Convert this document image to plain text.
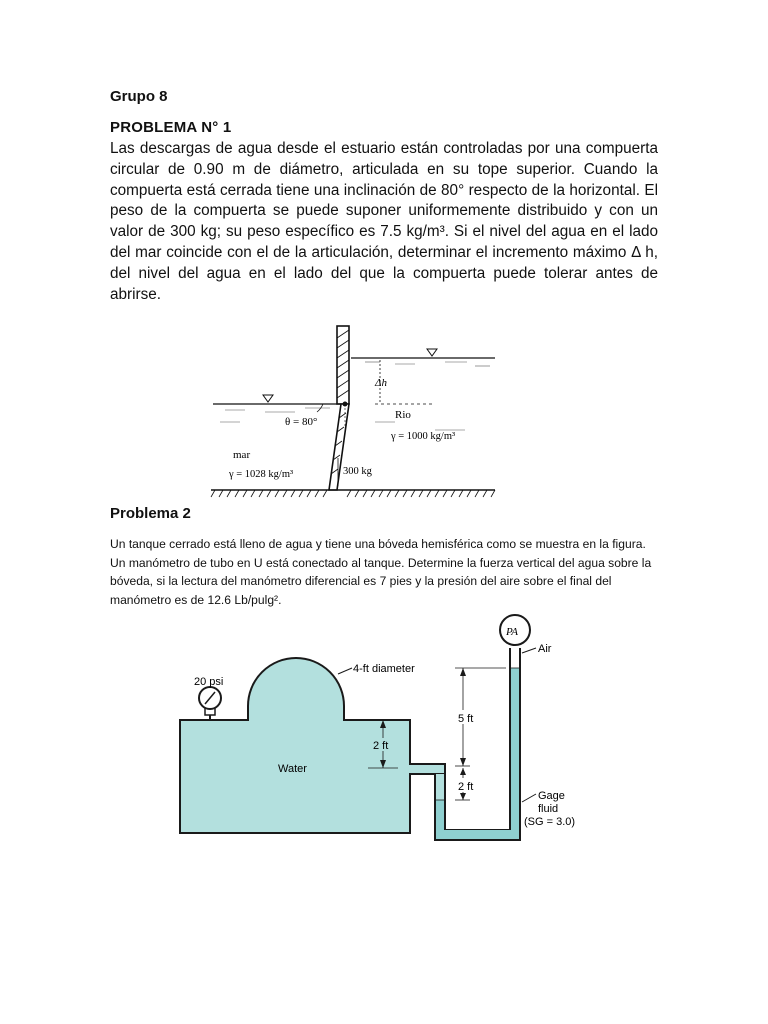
Grupo 8
PROBLEMA N° 1
Las descargas de agua desde el estuario están controladas por una compuerta circular de 0.90 m de diámetro, articulada en su tope superior. Cuando la compuerta está cerrada tiene una inclinación de 80° respecto de la horizontal. El peso de la compuerta se puede suponer uniformemente distribuido y con un valor de 300 kg; su peso específico es 7.5 kg/m³. Si el nivel del agua en el lado del mar coincide con el de la articulación, determinar el incremento máximo Δ h, del nivel del agua en el lado del que la compuerta puede tolerar antes de abrirse.
Δh
θ = 80°
Rio
γ = 1000 kg/m³
mar
γ = 1028 kg/m³	300 kg
Problema 2
Un tanque cerrado está lleno de agua y tiene una bóveda hemisférica como se muestra en la figura. Un manómetro de tubo en U está conectado al tanque. Determine la fuerza vertical del agua sobre la bóveda, si la lectura del manómetro diferencial es 7 pies y la presión del aire sobre el final del manómetro es de 12.6 Lb/pulg².
20 psi
4-ft diameter
Water
2 ft
PA
Air
5 ft
2 ft
Gage
fluid
(SG = 3.0)
